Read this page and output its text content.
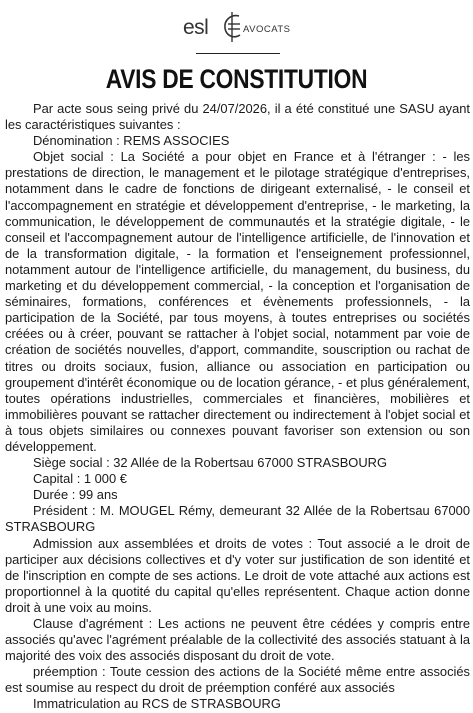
esl	AVOCATS
AVIS DE CONSTITUTION

Par acte sous seing privé du 24/07/2026, il a été constitué une SASU ayant les caractéristiques suivantes :

Dénomination : REMS ASSOCIES

Objet social : La Société a pour objet en France et à l'étranger : - les prestations de direction, le management et le pilotage stratégique d'entreprises, notamment dans le cadre de fonctions de dirigeant externalisé, - le conseil et l'accompagnement en stratégie et développement d'entreprise, - le marketing, la communication, le développement de communautés et la stratégie digitale, - le conseil et l'accompagnement autour de l'intelligence artificielle, de l'innovation et de la transformation digitale, - la formation et l'enseignement professionnel, notamment autour de l'intelligence artificielle, du management, du business, du marketing et du développement commercial, - la conception et l'organisation de séminaires, formations, conférences et évènements professionnels, - la participation de la Société, par tous moyens, à toutes entreprises ou sociétés créées ou à créer, pouvant se rattacher à l'objet social, notamment par voie de création de sociétés nouvelles, d'apport, commandite, souscription ou rachat de titres ou droits sociaux, fusion, alliance ou association en participation ou groupement d'intérêt économique ou de location gérance, - et plus généralement, toutes opérations industrielles, commerciales et financières, mobilières et immobilières pouvant se rattacher directement ou indirectement à l'objet social et à tous objets similaires ou connexes pouvant favoriser son extension ou son développement.

Siège social : 32 Allée de la Robertsau 67000 STRASBOURG

Capital : 1 000 €

Durée : 99 ans

Président : M. MOUGEL Rémy, demeurant 32 Allée de la Robertsau 67000 STRASBOURG

Admission aux assemblées et droits de votes : Tout associé a le droit de participer aux décisions collectives et d'y voter sur justification de son identité et de l'inscription en compte de ses actions. Le droit de vote attaché aux actions est proportionnel à la quotité du capital qu'elles représentent. Chaque action donne droit à une voix au moins.

Clause d'agrément : Les actions ne peuvent être cédées y compris entre associés qu'avec l'agrément préalable de la collectivité des associés statuant à la majorité des voix des associés disposant du droit de vote.

préemption : Toute cession des actions de la Société même entre associés est soumise au respect du droit de préemption conféré aux associés

Immatriculation au RCS de STRASBOURG
